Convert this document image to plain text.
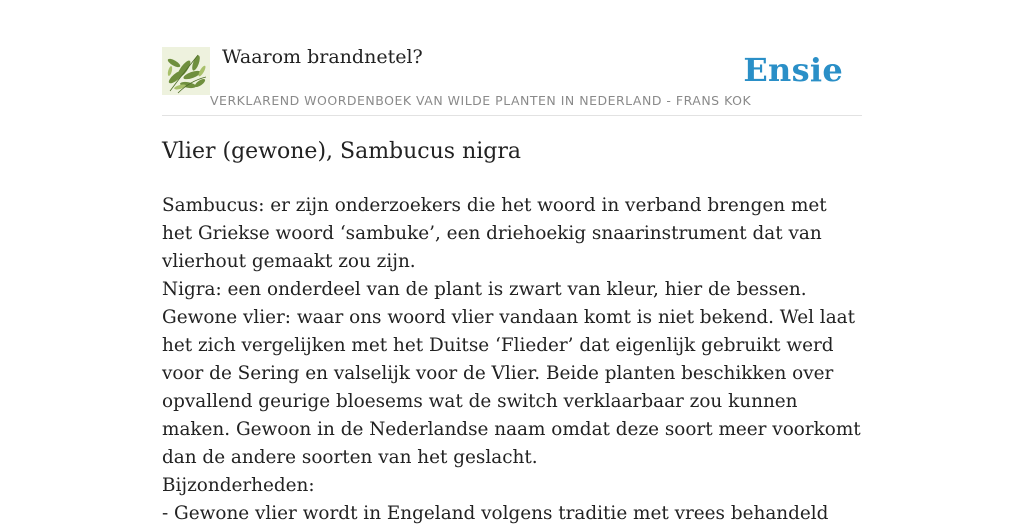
Waarom brandnetel?	Ensie
VERKLAREND WOORDENBOEK VAN WILDE PLANTEN IN NEDERLAND - FRANS KOK
Vlier (gewone), Sambucus nigra

Sambucus: er zijn onderzoekers die het woord in verband brengen met het Griekse woord ‘sambuke’, een driehoekig snaarinstrument dat van vlierhout gemaakt zou zijn.

Nigra: een onderdeel van de plant is zwart van kleur, hier de bessen.

Gewone vlier: waar ons woord vlier vandaan komt is niet bekend. Wel laat het zich vergelijken met het Duitse ‘Flieder’ dat eigenlijk gebruikt werd voor de Sering en valselijk voor de Vlier. Beide planten beschikken over opvallend geurige bloesems wat de switch verklaarbaar zou kunnen maken. Gewoon in de Nederlandse naam omdat deze soort meer voorkomt dan de andere soorten van het geslacht.

Bijzonderheden:

- Gewone vlier wordt in Engeland volgens traditie met vrees behandeld
